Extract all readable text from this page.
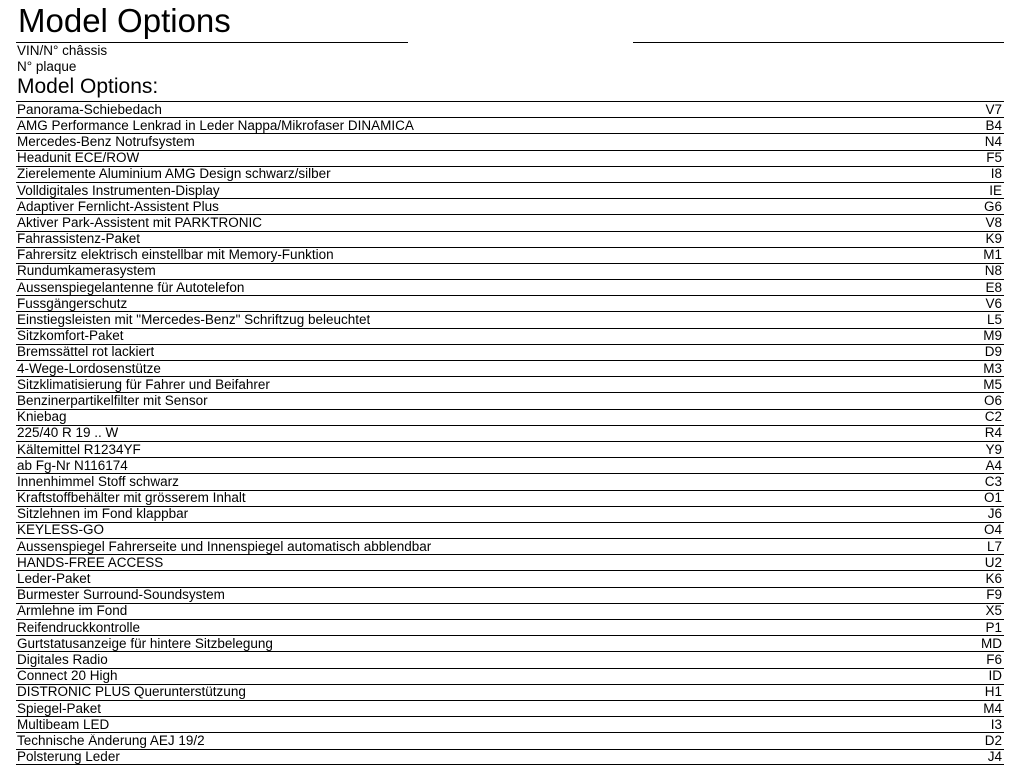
Model Options
VIN/N° châssis
N° plaque
Model Options:
Panorama-Schiebedach	V7
AMG Performance Lenkrad in Leder Nappa/Mikrofaser DINAMICA	B4
Mercedes-Benz Notrufsystem	N4
Headunit ECE/ROW	F5
Zierelemente Aluminium AMG Design schwarz/silber	I8
Volldigitales Instrumenten-Display	IE
Adaptiver Fernlicht-Assistent Plus	G6
Aktiver Park-Assistent mit PARKTRONIC	V8
Fahrassistenz-Paket	K9
Fahrersitz elektrisch einstellbar mit Memory-Funktion	M1
Rundumkamerasystem	N8
Aussenspiegelantenne für Autotelefon	E8
Fussgängerschutz	V6
Einstiegsleisten mit "Mercedes-Benz" Schriftzug beleuchtet	L5
Sitzkomfort-Paket	M9
Bremssättel rot lackiert	D9
4-Wege-Lordosenstütze	M3
Sitzklimatisierung für Fahrer und Beifahrer	M5
Benzinerpartikelfilter mit Sensor	O6
Kniebag	C2
225/40 R 19 .. W	R4
Kältemittel R1234YF	Y9
ab Fg-Nr N116174	A4
Innenhimmel Stoff schwarz	C3
Kraftstoffbehälter mit grösserem Inhalt	O1
Sitzlehnen im Fond klappbar	J6
KEYLESS-GO	O4
Aussenspiegel Fahrerseite und Innenspiegel automatisch abblendbar	L7
HANDS-FREE ACCESS	U2
Leder-Paket	K6
Burmester Surround-Soundsystem	F9
Armlehne im Fond	X5
Reifendruckkontrolle	P1
Gurtstatusanzeige für hintere Sitzbelegung	MD
Digitales Radio	F6
Connect 20 High	ID
DISTRONIC PLUS Querunterstützung	H1
Spiegel-Paket	M4
Multibeam LED	I3
Technische Änderung AEJ 19/2	D2
Polsterung Leder	J4
